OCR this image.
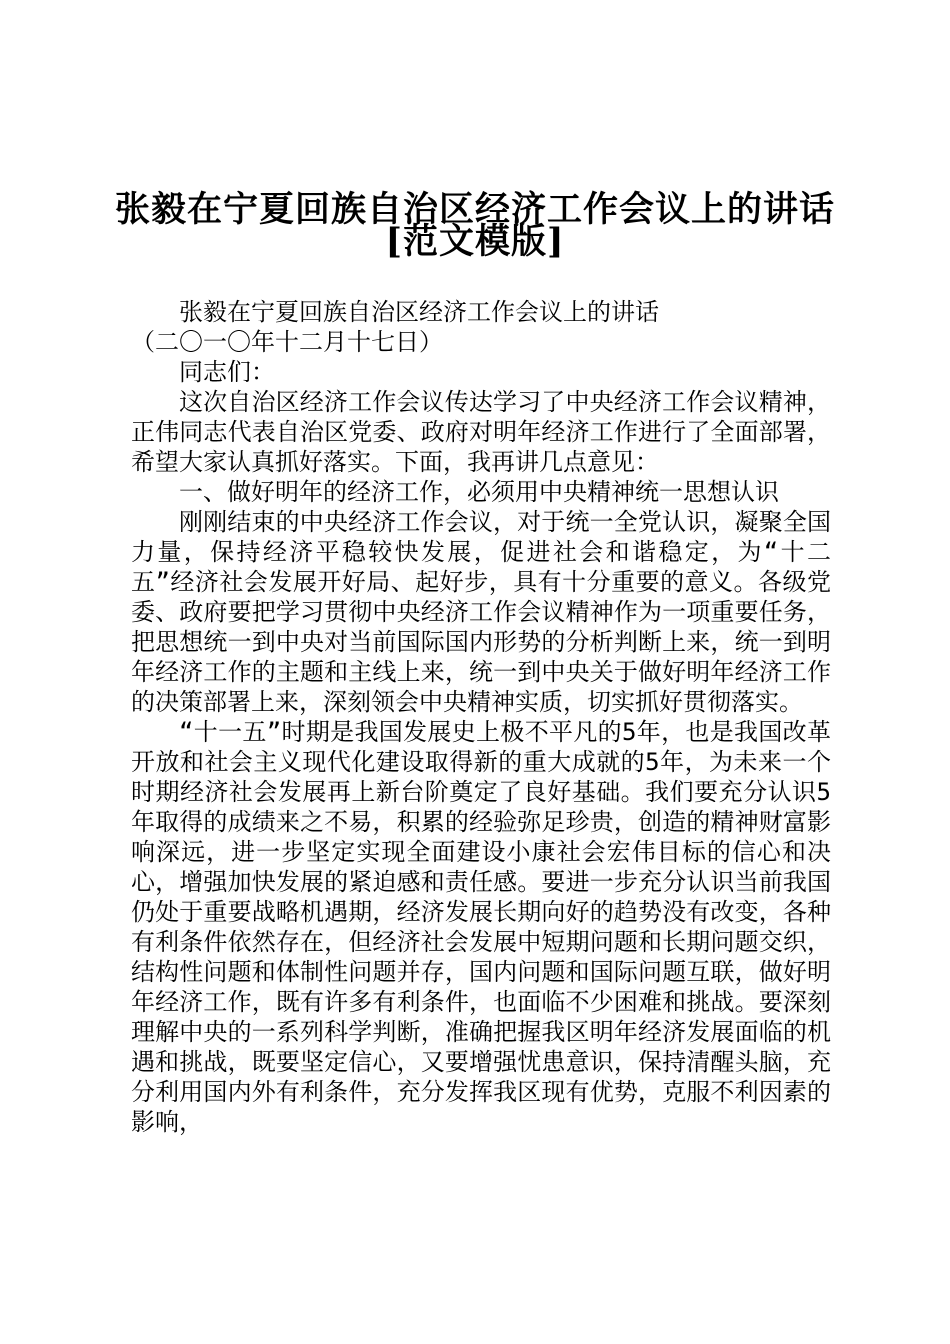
张毅在宁夏回族自治区经济工作会议上的讲话
[范文模版]

张毅在宁夏回族自治区经济工作会议上的讲话

（二〇一〇年十二月十七日）

同志们：

这次自治区经济工作会议传达学习了中央经济工作会议精神，正伟同志代表自治区党委、政府对明年经济工作进行了全面部署，希望大家认真抓好落实。下面，我再讲几点意见：

一、做好明年的经济工作，必须用中央精神统一思想认识

刚刚结束的中央经济工作会议，对于统一全党认识，凝聚全国力量，保持经济平稳较快发展，促进社会和谐稳定，为“十二五”经济社会发展开好局、起好步，具有十分重要的意义。各级党委、政府要把学习贯彻中央经济工作会议精神作为一项重要任务，把思想统一到中央对当前国际国内形势的分析判断上来，统一到明年经济工作的主题和主线上来，统一到中央关于做好明年经济工作的决策部署上来，深刻领会中央精神实质，切实抓好贯彻落实。

“十一五”时期是我国发展史上极不平凡的5年，也是我国改革开放和社会主义现代化建设取得新的重大成就的5年，为未来一个时期经济社会发展再上新台阶奠定了良好基础。我们要充分认识5年取得的成绩来之不易，积累的经验弥足珍贵，创造的精神财富影响深远，进一步坚定实现全面建设小康社会宏伟目标的信心和决心，增强加快发展的紧迫感和责任感。要进一步充分认识当前我国仍处于重要战略机遇期，经济发展长期向好的趋势没有改变，各种有利条件依然存在，但经济社会发展中短期问题和长期问题交织，结构性问题和体制性问题并存，国内问题和国际问题互联，做好明年经济工作，既有许多有利条件，也面临不少困难和挑战。要深刻理解中央的一系列科学判断，准确把握我区明年经济发展面临的机遇和挑战，既要坚定信心，又要增强忧患意识，保持清醒头脑，充分利用国内外有利条件，充分发挥我区现有优势，克服不利因素的影响，
